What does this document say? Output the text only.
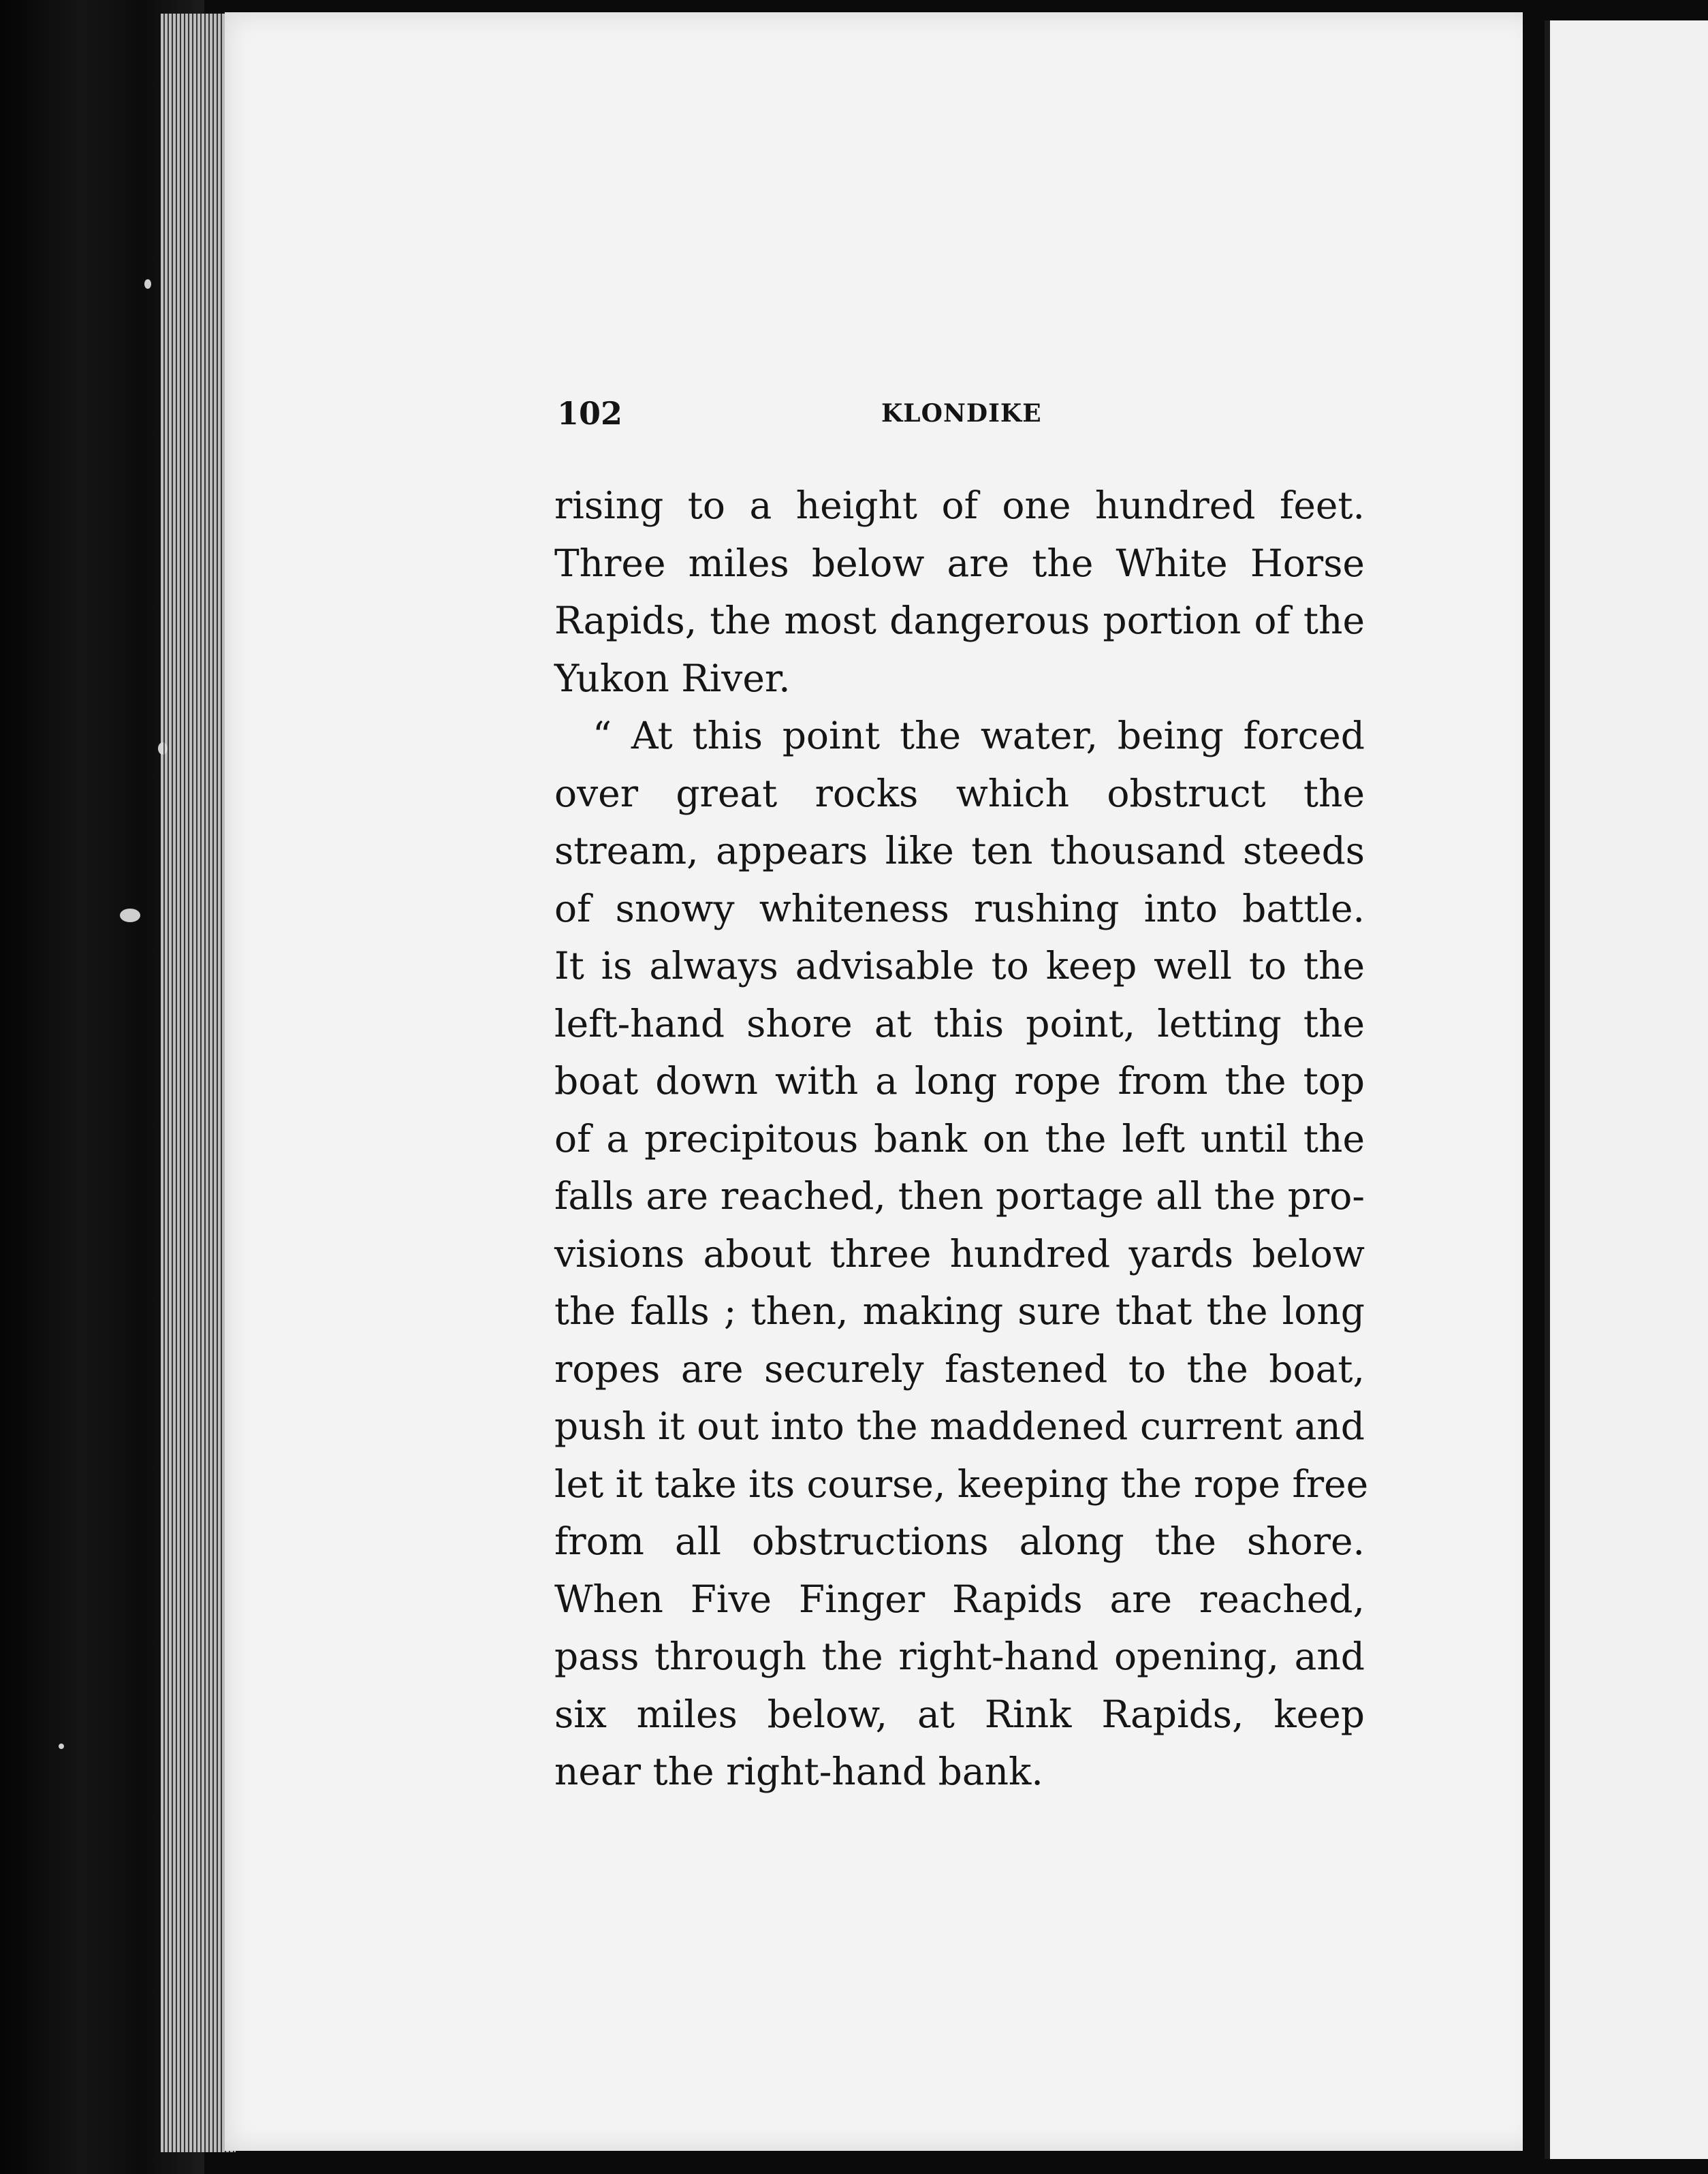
102	KLONDIKE
rising to a height of one hundred feet.
Three miles below are the White Horse
Rapids, the most dangerous portion of the
Yukon River.
“ At this point the water, being forced
over great rocks which obstruct the
stream, appears like ten thousand steeds
of snowy whiteness rushing into battle.
It is always advisable to keep well to the
left-hand shore at this point, letting the
boat down with a long rope from the top
of a precipitous bank on the left until the
falls are reached, then portage all the pro-
visions about three hundred yards below
the falls ; then, making sure that the long
ropes are securely fastened to the boat,
push it out into the maddened current and
let it take its course, keeping the rope free
from all obstructions along the shore.
When Five Finger Rapids are reached,
pass through the right-hand opening, and
six miles below, at Rink Rapids, keep
near the right-hand bank.
